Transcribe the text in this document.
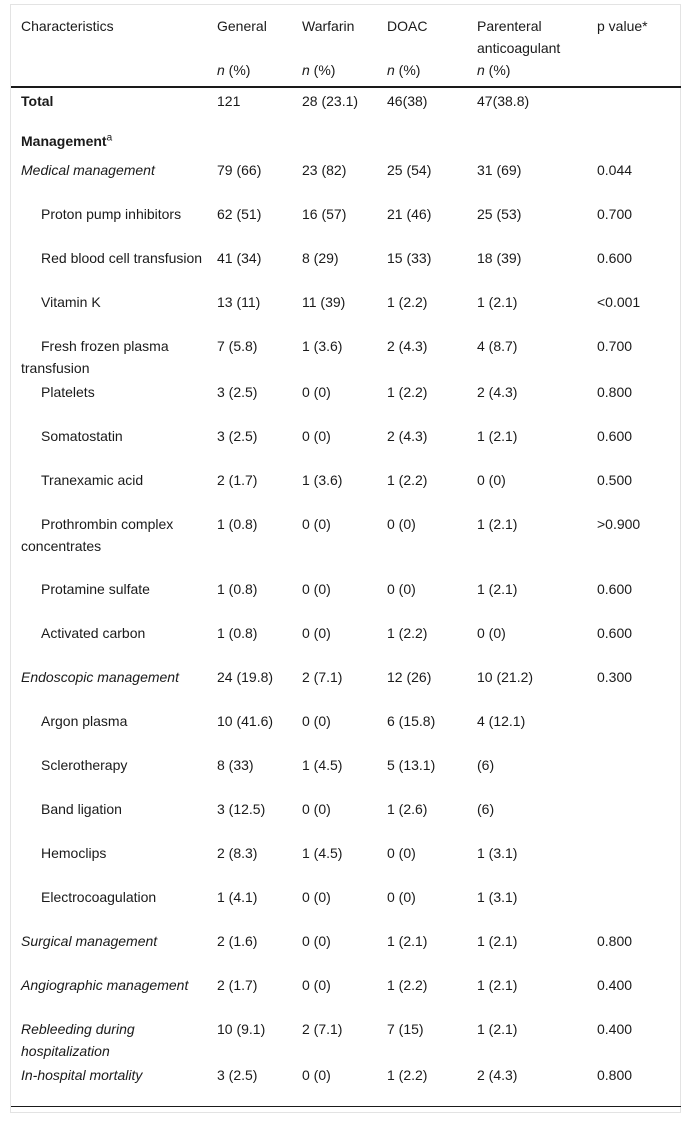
Characteristics	General	Warfarin	DOAC	Parenteral anticoagulant	p value*
	n (%)	n (%)	n (%)	n (%)	
Total	121	28 (23.1)	46(38)	47(38.8)	
Management$^a$
Medical management	79 (66)	23 (82)	25 (54)	31 (69)	0.044
Proton pump inhibitors	62 (51)	16 (57)	21 (46)	25 (53)	0.700
Red blood cell transfusion	41 (34)	8 (29)	15 (33)	18 (39)	0.600
Vitamin K	13 (11)	11 (39)	1 (2.2)	1 (2.1)	<0.001
Fresh frozen plasma transfusion	7 (5.8)	1 (3.6)	2 (4.3)	4 (8.7)	0.700
Platelets	3 (2.5)	0 (0)	1 (2.2)	2 (4.3)	0.800
Somatostatin	3 (2.5)	0 (0)	2 (4.3)	1 (2.1)	0.600
Tranexamic acid	2 (1.7)	1 (3.6)	1 (2.2)	0 (0)	0.500
Prothrombin complex concentrates	1 (0.8)	0 (0)	0 (0)	1 (2.1)	>0.900
Protamine sulfate	1 (0.8)	0 (0)	0 (0)	1 (2.1)	0.600
Activated carbon	1 (0.8)	0 (0)	1 (2.2)	0 (0)	0.600
Endoscopic management	24 (19.8)	2 (7.1)	12 (26)	10 (21.2)	0.300
Argon plasma	10 (41.6)	0 (0)	6 (15.8)	4 (12.1)	
Sclerotherapy	8 (33)	1 (4.5)	5 (13.1)	(6)	
Band ligation	3 (12.5)	0 (0)	1 (2.6)	(6)	
Hemoclips	2 (8.3)	1 (4.5)	0 (0)	1 (3.1)	
Electrocoagulation	1 (4.1)	0 (0)	0 (0)	1 (3.1)	
Surgical management	2 (1.6)	0 (0)	1 (2.1)	1 (2.1)	0.800
Angiographic management	2 (1.7)	0 (0)	1 (2.2)	1 (2.1)	0.400
Rebleeding during hospitalization	10 (9.1)	2 (7.1)	7 (15)	1 (2.1)	0.400
In-hospital mortality	3 (2.5)	0 (0)	1 (2.2)	2 (4.3)	0.800
